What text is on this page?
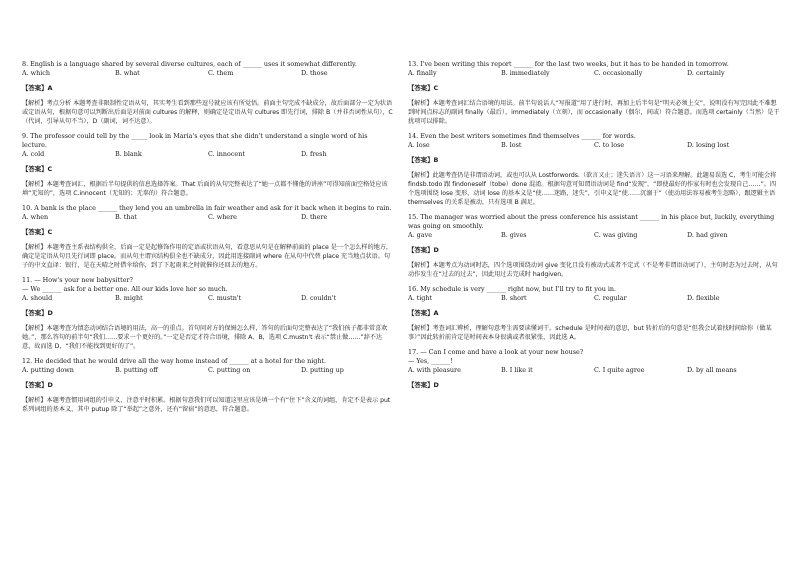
8. English is a language shared by several diverse cultures, each of ______ uses it somewhat differently.
A. which	B. what	C. them	D. those
【答案】A
【解析】考点分析 本题考查非限制性定语从句，其实考生看到那些逗号就应该有所觉悟。前面主句完成不缺成分，故后面部分一定为状语或定语从句，根据句意可以判断出后面是对前面 cultures 的解释，则确定是定语从句 cultures 即先行词，排除 B（并非否词性从句），C（代词，引导从句不当），D（副词，词不达意）。
9. The professor could tell by the _____ look in Maria's eyes that she didn't understand a single word of his lecture.
A. cold	B. blank	C. innocent	D. fresh
【答案】C
【解析】本题考查词汇，根据后半句提供的信息选择答案。That 后面的从句完整表达了“她一点都不懂他的讲座”可得知前面空格处应该填“无知的”，选项 C.innocent（无知的；无辜的）符合题意。
10. A bank is the place ______ they lend you an umbrella in fair weather and ask for it back when it begins to rain.
A. when	B. that	C. where	D. there
【答案】C
【解析】本题考查主系表结构供全，后面一定是起修饰作用的定语或状语从句，看意思从句是在解释前面的 place 是一个怎么样的地方，确定是定语从句且先行词即 place。而从句主谓宾结构俱全也不缺成分，因此用连接副词 where 在从句中代替 place 充当地点状语。句子的中文直译：银行，是在天晴之时借伞给你，到了下起雨来之时就催你还回去的地方。
11. — How's your new babysitter?
— We ______ ask for a better one. All our kids love her so much.
A. should	B. might	C. mustn't	D. couldn't
【答案】D
【解析】本题考查为情态动词结合语境的用法，高一的重点。首句问对方的保姆怎么样，答句的后面句完整表达了“我们孩子都非常喜欢她。”，那么答句的前半句“我们……要求一个更好的。”一定是否定才符合语境，排除 A、B，选项 C.mustn't 表示“禁止做……”辞不达意，故而选 D，“我们不能找到更好的了”。
12. He decided that he would drive all the way home instead of ______ at a hotel for the night.
A. putting down	B. putting off	C. putting on	D. putting up
【答案】D
【解析】本题考查惯用词组的引申义，注意平时积累。根据句意我们可以知道这里应该是填一个有“住下”含义的词组，肯定不是表示 put 系列词组的基本义，其中 putup 除了“举起”之意外，还有“留宿”的意思，符合题意。
13. I've been writing this report ______ for the last two weeks, but it has to be handed in tomorrow.
A. finally	B. immediately	C. occasionally	D. certainly
【答案】C
【解析】本题考查词汇结合语境的用法。前半句说话人“写报道”用了进行时，再加上后半句是“明天必须上交”，说明没有写完因此不难想到时间点标志的副词 finally（最后），immediately（立刻），而 occasionally（偶尔，间或）符合题意。而选项 certainly（当然）是干扰项可以排除。
14. Even the best writers sometimes find themselves ______ for words.
A. lose	B. lost	C. to lose	D. losing lost
【答案】B
【解析】此题考查仍是非谓语动词，或也可认从 Lostforwords.（欲言又止；迷失语言）这一习语来理解。此题易误选 C，考生可能会将 findsb.todo 跟 findoneself（tobe）done 混淆。根据句意可知谓语动词是 find“发现”，“即使最好的作家有时也会发现自己……”。四个选项围绕 lose 变形，动词 lose 的基本义是“使……迷路，迷失”，引申义是“使……沉溺于”（使动用法容易被考生忽略），跟逻辑主语 themselves 的关系是被动，只有选项 B 满足。
15. The manager was worried about the press conference his assistant ______ in his place but, luckily, everything was going on smoothly.
A. gave	B. gives	C. was giving	D. had given
【答案】D
【解析】本题考点为动词时态，四个选项围绕动词 give 变化且没有被动式或者不定式（不是考非谓语动词了），主句时态为过去时，从句动作发生在“过去的过去”，因此用过去完成时 hadgiven。
16. My schedule is very ______ right now, but I'll try to fit you in.
A. tight	B. short	C. regular	D. flexible
【答案】A
【解析】考查词汇辨析，理解句意考生需要读懂词干。schedule 是时间表的意思，but 转折后的句意是“但我会试着找时间给你（做某事）”因此转折前肯定是时间表本身很满或者很紧张，因此选 A。
17. — Can I come and have a look at your new house?
— Yes, ______!
A. with pleasure	B. I like it	C. I quite agree	D. by all means
【答案】D
